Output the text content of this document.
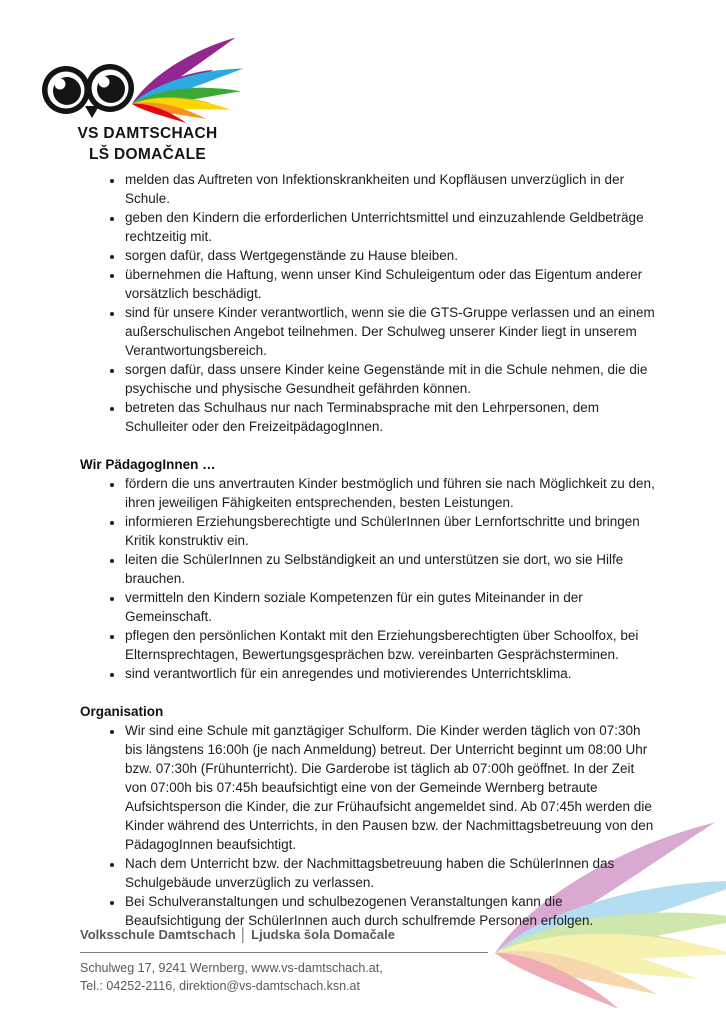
VS DAMTSCHACH
LŠ DOMAČALE
• melden das Auftreten von Infektionskrankheiten und Kopfläusen unverzüglich in der Schule.
• geben den Kindern die erforderlichen Unterrichtsmittel und einzuzahlende Geldbeträge rechtzeitig mit.
• sorgen dafür, dass Wertgegenstände zu Hause bleiben.
• übernehmen die Haftung, wenn unser Kind Schuleigentum oder das Eigentum anderer vorsätzlich beschädigt.
• sind für unsere Kinder verantwortlich, wenn sie die GTS-Gruppe verlassen und an einem außerschulischen Angebot teilnehmen. Der Schulweg unserer Kinder liegt in unserem Verantwortungsbereich.
• sorgen dafür, dass unsere Kinder keine Gegenstände mit in die Schule nehmen, die die psychische und physische Gesundheit gefährden können.
• betreten das Schulhaus nur nach Terminabsprache mit den Lehrpersonen, dem Schulleiter oder den FreizeitpädagogInnen.
Wir PädagogInnen …
• fördern die uns anvertrauten Kinder bestmöglich und führen sie nach Möglichkeit zu den, ihren jeweiligen Fähigkeiten entsprechenden, besten Leistungen.
• informieren Erziehungsberechtigte und SchülerInnen über Lernfortschritte und bringen Kritik konstruktiv ein.
• leiten die SchülerInnen zu Selbständigkeit an und unterstützen sie dort, wo sie Hilfe brauchen.
• vermitteln den Kindern soziale Kompetenzen für ein gutes Miteinander in der Gemeinschaft.
• pflegen den persönlichen Kontakt mit den Erziehungsberechtigten über Schoolfox, bei Elternsprechtagen, Bewertungsgesprächen bzw. vereinbarten Gesprächsterminen.
• sind verantwortlich für ein anregendes und motivierendes Unterrichtsklima.
Organisation
• Wir sind eine Schule mit ganztägiger Schulform. Die Kinder werden täglich von 07:30h bis längstens 16:00h (je nach Anmeldung) betreut. Der Unterricht beginnt um 08:00 Uhr bzw. 07:30h (Frühunterricht). Die Garderobe ist täglich ab 07:00h geöffnet. In der Zeit von 07:00h bis 07:45h beaufsichtigt eine von der Gemeinde Wernberg betraute Aufsichtsperson die Kinder, die zur Frühaufsicht angemeldet sind. Ab 07:45h werden die Kinder während des Unterrichts, in den Pausen bzw. der Nachmittagsbetreuung von den PädagogInnen beaufsichtigt.
• Nach dem Unterricht bzw. der Nachmittagsbetreuung haben die SchülerInnen das Schulgebäude unverzüglich zu verlassen.
• Bei Schulveranstaltungen und schulbezogenen Veranstaltungen kann die Beaufsichtigung der SchülerInnen auch durch schulfremde Personen erfolgen.
Volksschule Damtschach │ Ljudska šola Domačale
Schulweg 17, 9241 Wernberg, www.vs-damtschach.at,
Tel.: 04252-2116, direktion@vs-damtschach.ksn.at
